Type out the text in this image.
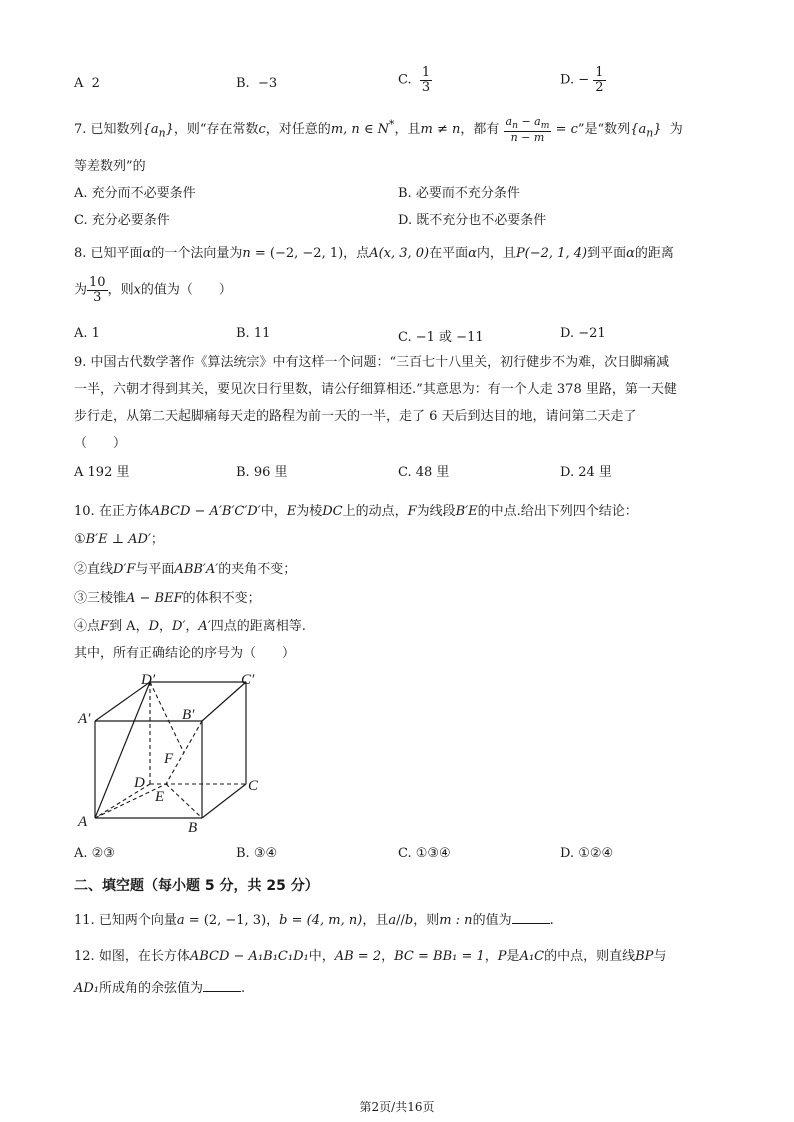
A 2	B. −3	C. $\frac{1}{3}$	D. − $\frac{1}{2}$
7. 已知数列$\{a_n\}$，则“存在常数c，对任意的m, n ∈ N*，且m ≠ n，都有 $\frac{a_n - a_m}{n - m} = c$”是“数列$\{a_n\}$ 为
等差数列”的
A. 充分而不必要条件	B. 必要而不充分条件
C. 充分必要条件	D. 既不充分也不必要条件
8. 已知平面α的一个法向量为n = (−2, −2, 1)，点A(x, 3, 0)在平面α内，且P(−2, 1, 4)到平面α的距离
为 $\frac{10}{3}$ ，则x的值为（　　）
A. 1	B. 11	C. −1 或 −11	D. −21
9. 中国古代数学著作《算法统宗》中有这样一个问题：“三百七十八里关，初行健步不为难，次日脚痛减
一半，六朝才得到其关，要见次日行里数，请公仔细算相还.”其意思为：有一个人走 378 里路，第一天健
步行走，从第二天起脚痛每天走的路程为前一天的一半，走了 6 天后到达目的地，请问第二天走了
（　　）
A 192 里	B. 96 里	C. 48 里	D. 24 里
10. 在正方体ABCD − A′B′C′D′中，E为棱DC上的动点，F为线段B′E的中点.给出下列四个结论：
①B′E ⊥ AD′；
②直线D′F与平面ABB′A′的夹角不变；
③三棱锥A − BEF的体积不变；
④点F到 A，D，D′，A′四点的距离相等.
其中，所有正确结论的序号为（　　）
D′	C′
A′	B′
F
D
E
C
A	B
A. ②③	B. ③④	C. ①③④	D. ①②④
二、填空题（每小题 5 分，共 25 分）
11. 已知两个向量a = (2, −1, 3)，b = (4, m, n)，且a//b，则m : n的值为	.
12. 如图，在长方体ABCD − A₁B₁C₁D₁中，AB = 2，BC = BB₁ = 1，P是A₁C的中点，则直线BP与
AD₁所成角的余弦值为	.
第2页/共16页
